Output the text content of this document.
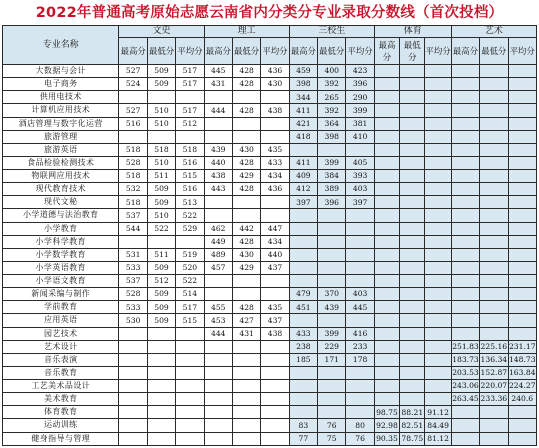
2022年普通高考原始志愿云南省内分类分专业录取分数线（首次投档）
专业名称	文史			理工			三校生			体育			艺术		
	最高分	最低分	平均分	最高分	最低分	平均分	最高分	最低分	平均分	最高分	最低分	平均分	最高分	最低分	平均分
大数据与会计	527	509	517	445	428	436	459	400	423						
电子商务	524	509	517	431	428	430	398	392	396						
供用电技术							344	265	290						
计算机应用技术	527	510	517	444	428	438	411	392	399						
酒店管理与数字化运营	516	510	512				421	364	381						
旅游管理							418	398	410						
旅游英语	518	518	518	439	430	435									
食品检验检测技术	528	510	516	440	428	433	411	399	405						
物联网应用技术	518	511	515	438	429	434	409	384	393						
现代教育技术	532	509	516	443	428	436	412	389	403						
现代文秘	518	509	513				397	396	397						
小学道德与法治教育	537	510	522												
小学教育	544	522	529	462	442	447									
小学科学教育				449	428	434									
小学数学教育	531	511	519	489	430	440									
小学英语教育	533	509	520	457	429	437									
小学语文教育	537	512	522												
新闻采编与制作	528	509	514				479	370	403						
学前教育	533	509	517	455	428	435	451	439	445						
应用英语	530	509	515	453	427	437									
园艺技术				444	431	438	433	399	416						
艺术设计							238	229	233				251.83	225.16	231.17
音乐表演							185	171	178				183.73	136.34	148.73
音乐教育													203.53	152.87	163.84
工艺美术品设计													243.06	220.07	224.27
美术教育													263.45	233.36	240.6
体育教育										98.75	88.21	91.12			
运动训练							83	76	80	92.98	82.51	84.49			
健身指导与管理							77	75	76	90.35	78.75	81.12			
